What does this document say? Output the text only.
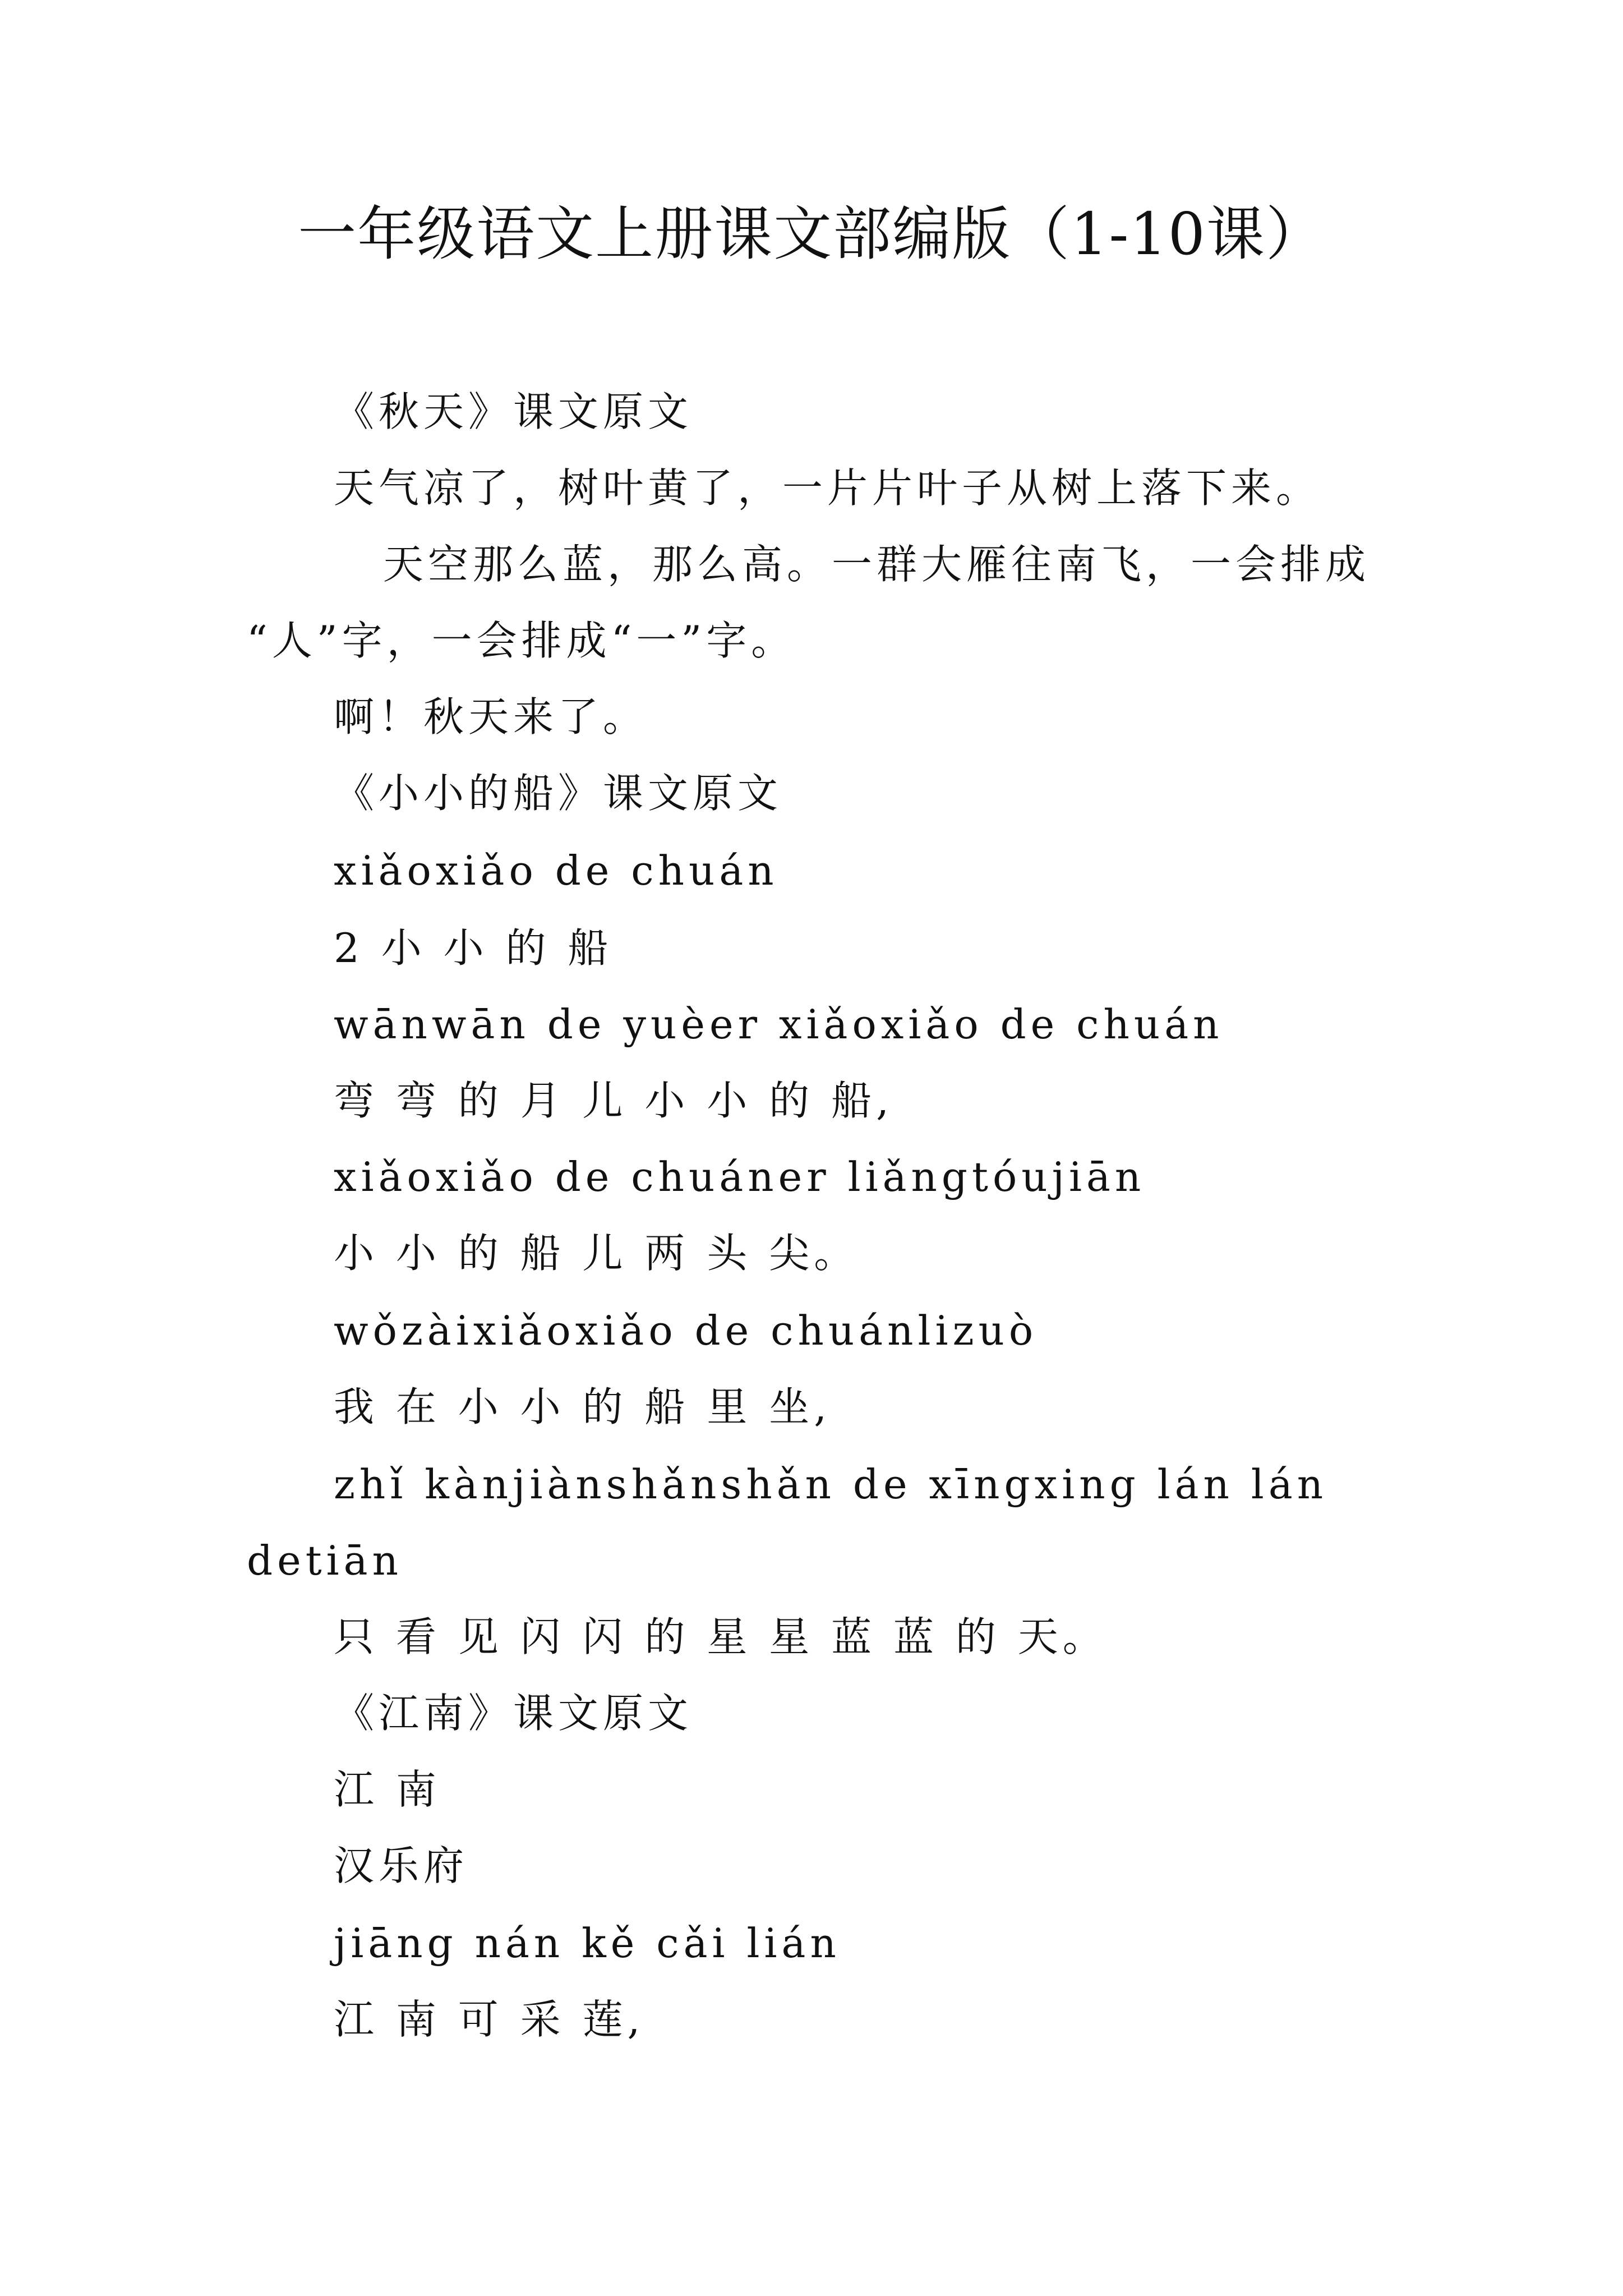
一年级语文上册课文部编版（1-10课）

《秋天》课文原文

天气凉了，树叶黄了，一片片叶子从树上落下来。

天空那么蓝，那么高。一群大雁往南飞，一会排成

“人”字，一会排成“一”字。

啊！秋天来了。

《小小的船》课文原文

xiǎoxiǎo de chuán

2 小 小 的 船

wānwān de yuèer xiǎoxiǎo de chuán

弯 弯 的 月 儿 小 小 的 船,

xiǎoxiǎo de chuáner liǎngtóujiān

小 小 的 船 儿 两 头 尖。

wǒzàixiǎoxiǎo de chuánlizuò

我 在 小 小 的 船 里 坐,

zhǐ kànjiànshǎnshǎn de xīngxing lán lán

detiān

只 看 见 闪 闪 的 星 星 蓝 蓝 的 天。

《江南》课文原文

江 南

汉乐府

jiāng nán kě cǎi lián

江 南 可 采 莲,
